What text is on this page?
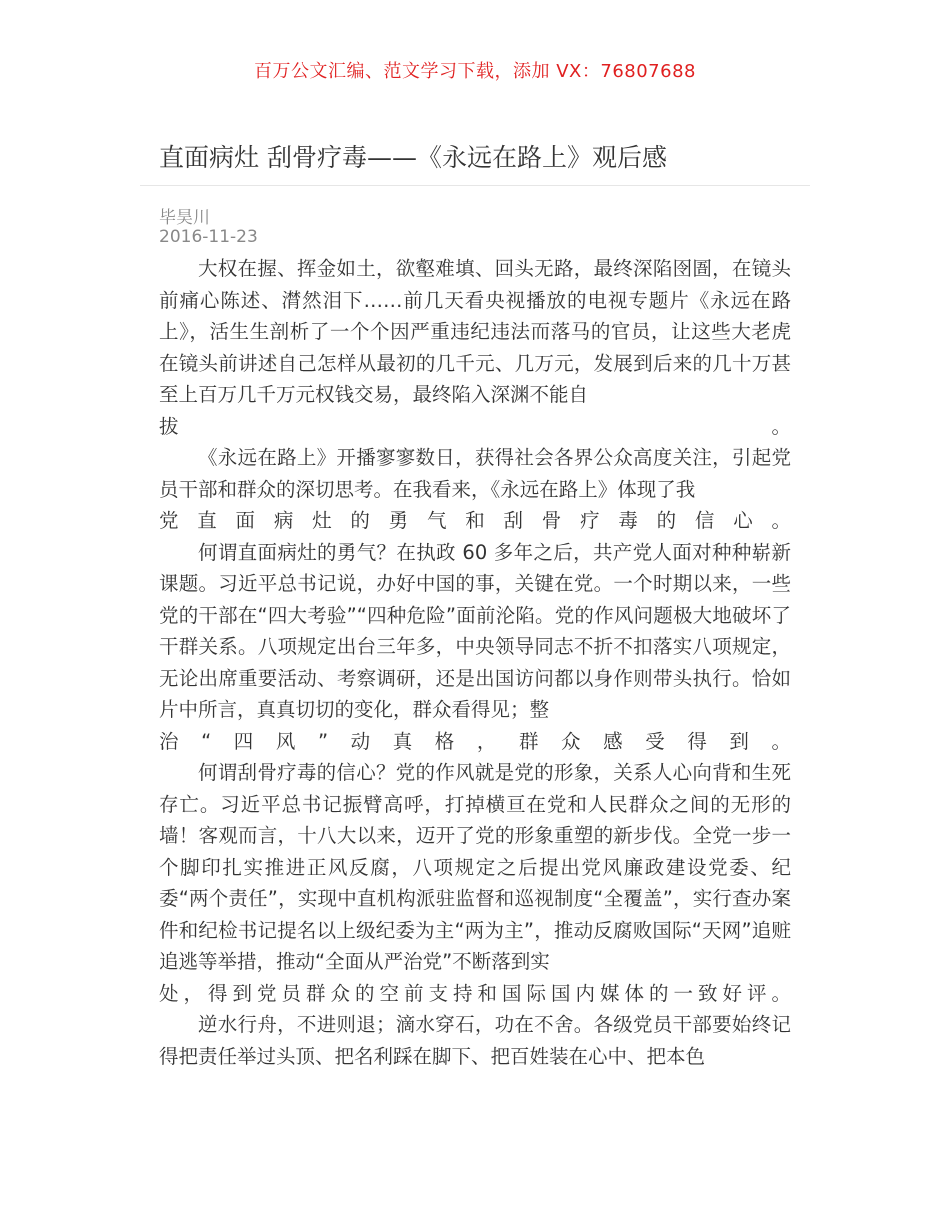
百万公文汇编、范文学习下载，添加 VX：76807688
直面病灶 刮骨疗毒——《永远在路上》观后感
毕昊川
2016-11-23

大权在握、挥金如土，欲壑难填、回头无路，最终深陷囹圄，在镜头前痛心陈述、潸然泪下……前几天看央视播放的电视专题片《永远在路上》，活生生剖析了一个个因严重违纪违法而落马的官员，让这些大老虎在镜头前讲述自己怎样从最初的几千元、几万元，发展到后来的几十万甚至上百万几千万元权钱交易，最终陷入深渊不能自

拔　　　　　　　　　　　　　　　　　　　　　　　　　　　。

《永远在路上》开播寥寥数日，获得社会各界公众高度关注，引起党员干部和群众的深切思考。在我看来，《永远在路上》体现了我

党直面病灶的勇气和刮骨疗毒的信心。

何谓直面病灶的勇气？在执政 60 多年之后，共产党人面对种种崭新课题。习近平总书记说，办好中国的事，关键在党。一个时期以来，一些党的干部在“四大考验”“四种危险”面前沦陷。党的作风问题极大地破坏了干群关系。八项规定出台三年多，中央领导同志不折不扣落实八项规定，无论出席重要活动、考察调研，还是出国访问都以身作则带头执行。恰如片中所言，真真切切的变化，群众看得见；整

治“四风”动真格，群众感受得到。

何谓刮骨疗毒的信心？党的作风就是党的形象，关系人心向背和生死存亡。习近平总书记振臂高呼，打掉横亘在党和人民群众之间的无形的墙！客观而言，十八大以来，迈开了党的形象重塑的新步伐。全党一步一个脚印扎实推进正风反腐，八项规定之后提出党风廉政建设党委、纪委“两个责任”，实现中直机构派驻监督和巡视制度“全覆盖”，实行查办案件和纪检书记提名以上级纪委为主“两为主”，推动反腐败国际“天网”追赃追逃等举措，推动“全面从严治党”不断落到实

处，得到党员群众的空前支持和国际国内媒体的一致好评。

逆水行舟，不进则退；滴水穿石，功在不舍。各级党员干部要始终记得把责任举过头顶、把名利踩在脚下、把百姓装在心中、把本色
